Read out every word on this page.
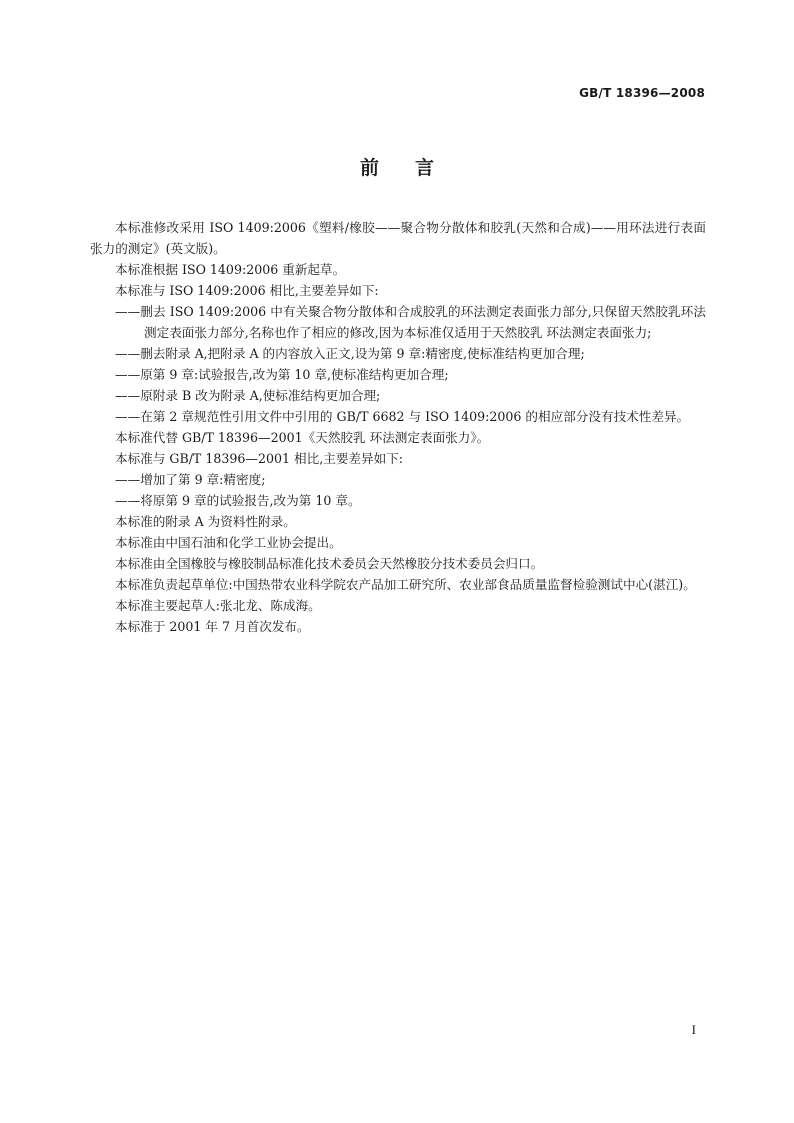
GB/T 18396—2008
前言

本标准修改采用 ISO 1409:2006《塑料/橡胶——聚合物分散体和胶乳(天然和合成)——用环法进行表面张力的测定》(英文版)。

本标准根据 ISO 1409:2006 重新起草。

本标准与 ISO 1409:2006 相比,主要差异如下:

——删去 ISO 1409:2006 中有关聚合物分散体和合成胶乳的环法测定表面张力部分,只保留天然胶乳环法测定表面张力部分,名称也作了相应的修改,因为本标准仅适用于天然胶乳 环法测定表面张力;

——删去附录 A,把附录 A 的内容放入正文,设为第 9 章:精密度,使标准结构更加合理;

——原第 9 章:试验报告,改为第 10 章,使标准结构更加合理;

——原附录 B 改为附录 A,使标准结构更加合理;

——在第 2 章规范性引用文件中引用的 GB/T 6682 与 ISO 1409:2006 的相应部分没有技术性差异。

本标准代替 GB/T 18396—2001《天然胶乳 环法测定表面张力》。

本标准与 GB/T 18396—2001 相比,主要差异如下:

——增加了第 9 章:精密度;

——将原第 9 章的试验报告,改为第 10 章。

本标准的附录 A 为资料性附录。

本标准由中国石油和化学工业协会提出。

本标准由全国橡胶与橡胶制品标准化技术委员会天然橡胶分技术委员会归口。

本标准负责起草单位:中国热带农业科学院农产品加工研究所、农业部食品质量监督检验测试中心(湛江)。

本标准主要起草人:张北龙、陈成海。

本标准于 2001 年 7 月首次发布。

I
